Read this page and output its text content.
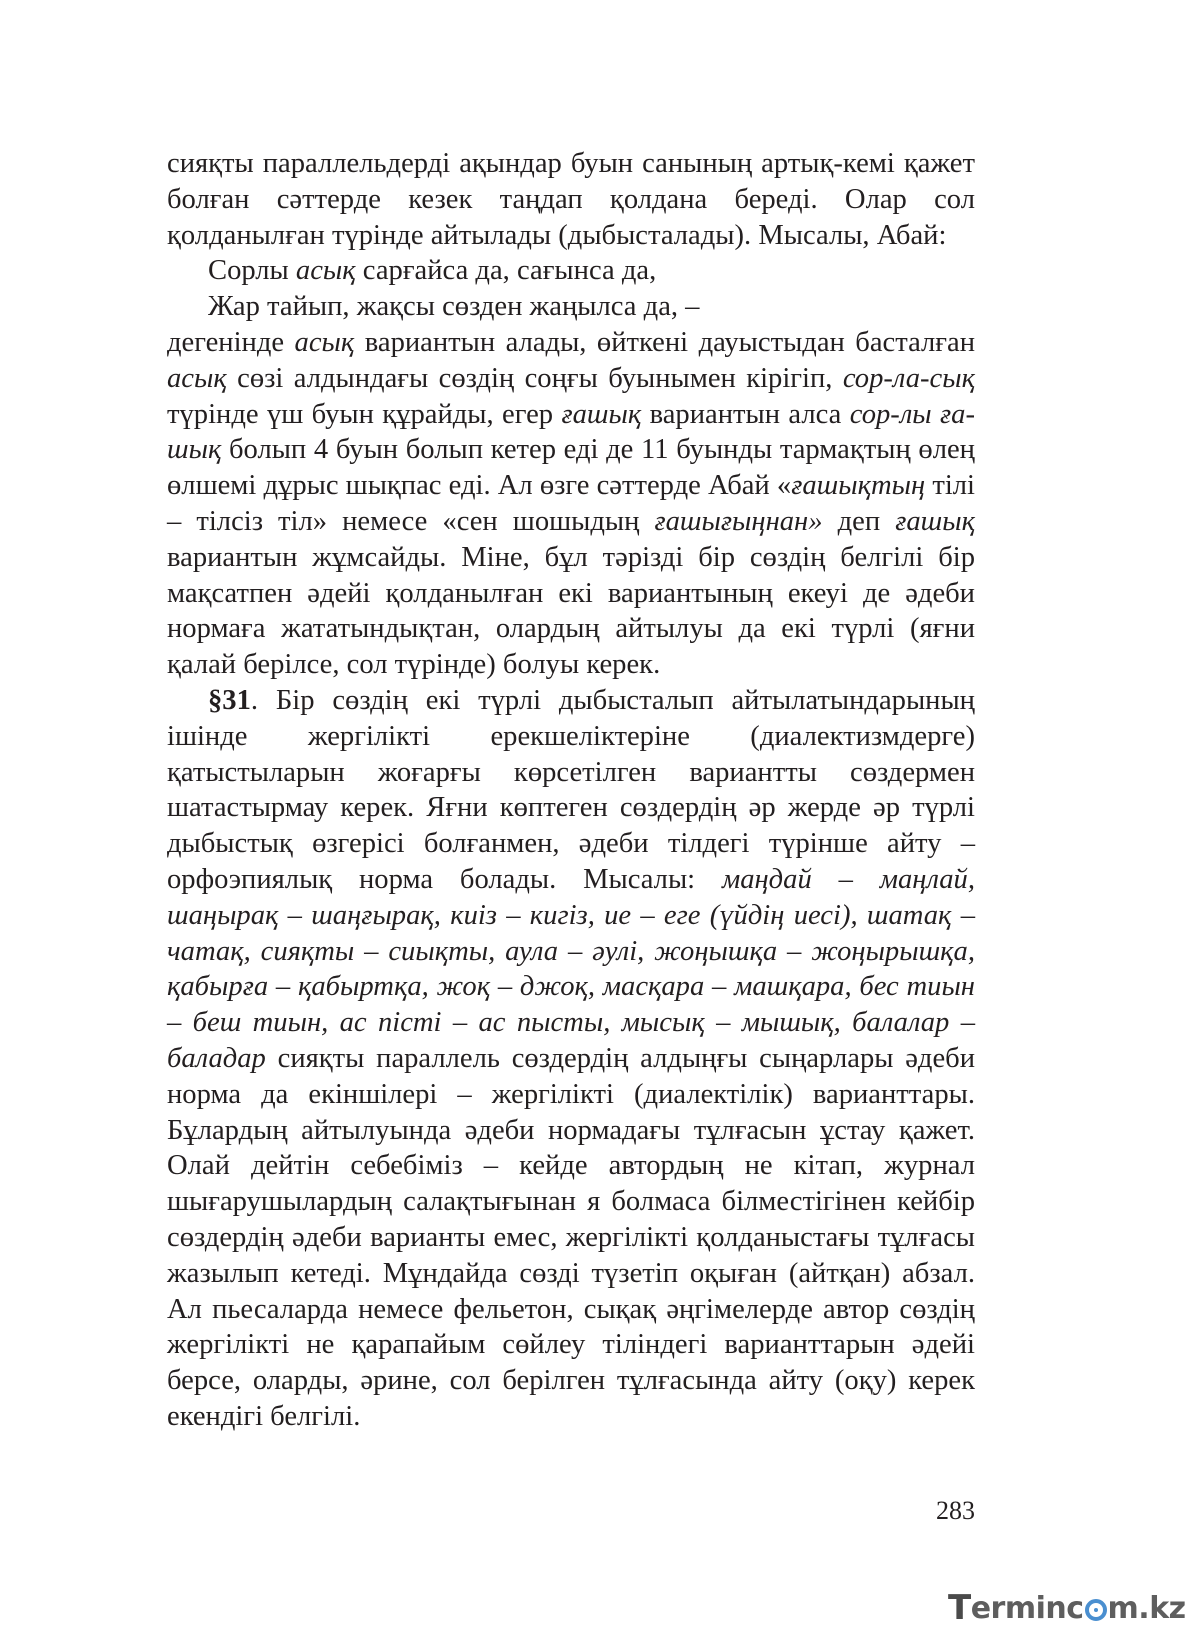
сияқты параллельдерді ақындар буын санының артық-кемі қажет болған сәттерде кезек таңдап қолдана береді. Олар сол қолданылған түрінде айтылады (дыбысталады). Мысалы, Абай:

Сорлы асық сарғайса да, сағынса да,

Жар тайып, жақсы сөзден жаңылса да, –

дегенінде асық вариантын алады, өйткені дауыстыдан басталған асық сөзі алдындағы сөздің соңғы буынымен кірігіп, сор-ла-сық түрінде үш буын құрайды, егер ғашық вариантын алса сор-лы ға- шық болып 4 буын болып кетер еді де 11 буынды тармақтың өлең өлшемі дұрыс шықпас еді. Ал өзге сәттерде Абай «ғашықтың тілі – тілсіз тіл» немесе «сен шошыдың ғашығыңнан» деп ғашық вариантын жұмсайды. Міне, бұл тәрізді бір сөздің белгілі бір мақсатпен әдейі қолданылған екі вариантының екеуі де әдеби нормаға жататындықтан, олардың айтылуы да екі түрлі (яғни қалай берілсе, сол түрінде) болуы керек.

§31. Бір сөздің екі түрлі дыбысталып айтылатындарының ішінде жергілікті ерекшеліктеріне (диалектизмдерге) қатыстыларын жоғарғы көрсетілген вариантты сөздермен шатастырмау керек. Яғни көптеген сөздердің әр жерде әр түрлі дыбыстық өзгерісі болғанмен, әдеби тілдегі түрінше айту – орфоэпиялық норма болады. Мысалы: маңдай – маңлай, шаңырақ – шаңғырақ, киіз – кигіз, ие – еге (үйдің иесі), шатақ – чатақ, сияқты – сиықты, аула – әулі, жоңышқа – жоңырышқа, қабырға – қабыртқа, жоқ – джоқ, масқара – машқара, бес тиын – беш тиын, ас пісті – ас пысты, мысық – мышық, балалар – баладар сияқты параллель сөздердің алдыңғы сыңарлары әдеби норма да екіншілері – жергілікті (диалектілік) варианттары. Бұлардың айтылуында әдеби нормадағы тұлғасын ұстау қажет. Олай дейтін себебіміз – кейде автордың не кітап, журнал шығарушылардың салақтығынан я болмаса білместігінен кейбір сөздердің әдеби варианты емес, жергілікті қолданыстағы тұлғасы жазылып кетеді. Мұндайда сөзді түзетіп оқыған (айтқан) абзал. Ал пьесаларда немесе фельетон, сықақ әңгімелерде автор сөздің жергілікті не қарапайым сөйлеу тіліндегі варианттарын әдейі берсе, оларды, әрине, сол берілген тұлғасында айту (оқу) керек екендігі белгілі.

283
T erminc m.kz
